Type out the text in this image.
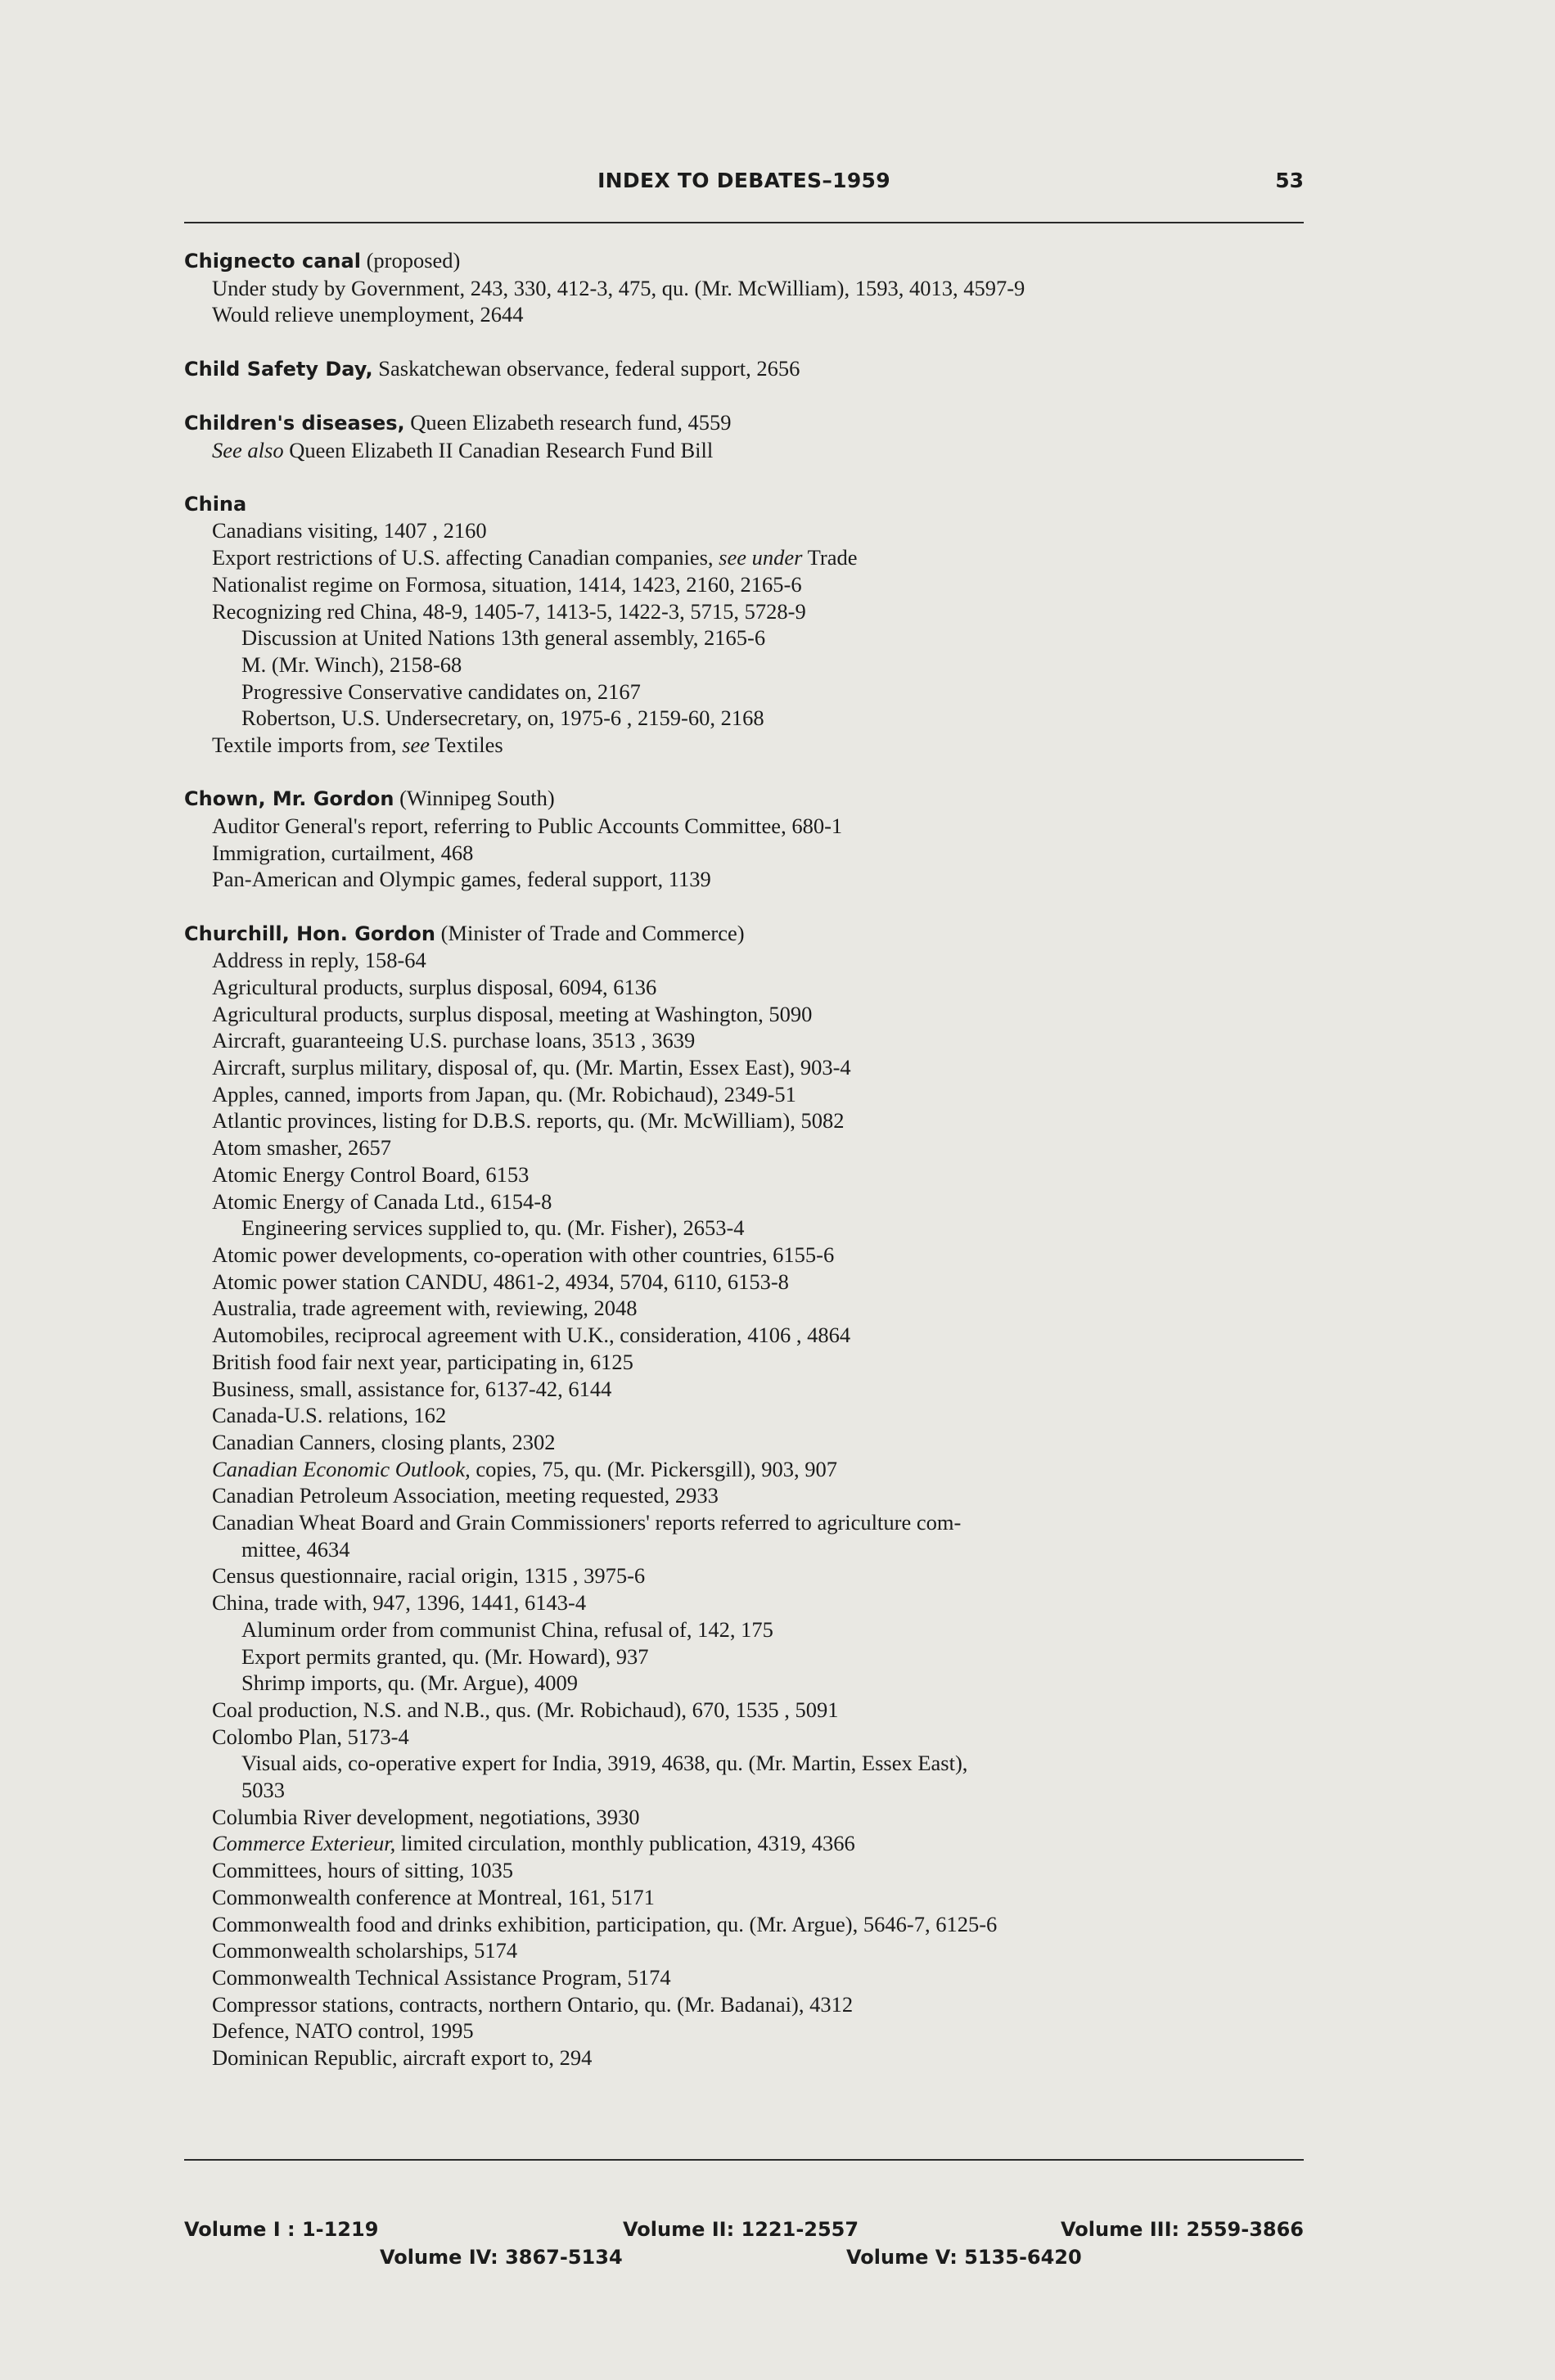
INDEX TO DEBATES–1959	53
Chignecto canal (proposed)
Under study by Government, 243, 330, 412-3, 475, qu. (Mr. McWilliam), 1593, 4013, 4597-9
Would relieve unemployment, 2644
Child Safety Day, Saskatchewan observance, federal support, 2656
Children's diseases, Queen Elizabeth research fund, 4559
See also Queen Elizabeth II Canadian Research Fund Bill
China
Canadians visiting, 1407 , 2160
Export restrictions of U.S. affecting Canadian companies, see under Trade
Nationalist regime on Formosa, situation, 1414, 1423, 2160, 2165-6
Recognizing red China, 48-9, 1405-7, 1413-5, 1422-3, 5715, 5728-9
Discussion at United Nations 13th general assembly, 2165-6
M. (Mr. Winch), 2158-68
Progressive Conservative candidates on, 2167
Robertson, U.S. Undersecretary, on, 1975-6 , 2159-60, 2168
Textile imports from, see Textiles
Chown, Mr. Gordon (Winnipeg South)
Auditor General's report, referring to Public Accounts Committee, 680-1
Immigration, curtailment, 468
Pan-American and Olympic games, federal support, 1139
Churchill, Hon. Gordon (Minister of Trade and Commerce)
Address in reply, 158-64
Agricultural products, surplus disposal, 6094, 6136
Agricultural products, surplus disposal, meeting at Washington, 5090
Aircraft, guaranteeing U.S. purchase loans, 3513 , 3639
Aircraft, surplus military, disposal of, qu. (Mr. Martin, Essex East), 903-4
Apples, canned, imports from Japan, qu. (Mr. Robichaud), 2349-51
Atlantic provinces, listing for D.B.S. reports, qu. (Mr. McWilliam), 5082
Atom smasher, 2657
Atomic Energy Control Board, 6153
Atomic Energy of Canada Ltd., 6154-8
Engineering services supplied to, qu. (Mr. Fisher), 2653-4
Atomic power developments, co-operation with other countries, 6155-6
Atomic power station CANDU, 4861-2, 4934, 5704, 6110, 6153-8
Australia, trade agreement with, reviewing, 2048
Automobiles, reciprocal agreement with U.K., consideration, 4106 , 4864
British food fair next year, participating in, 6125
Business, small, assistance for, 6137-42, 6144
Canada-U.S. relations, 162
Canadian Canners, closing plants, 2302
Canadian Economic Outlook, copies, 75, qu. (Mr. Pickersgill), 903, 907
Canadian Petroleum Association, meeting requested, 2933
Canadian Wheat Board and Grain Commissioners' reports referred to agriculture com-
mittee, 4634
Census questionnaire, racial origin, 1315 , 3975-6
China, trade with, 947, 1396, 1441, 6143-4
Aluminum order from communist China, refusal of, 142, 175
Export permits granted, qu. (Mr. Howard), 937
Shrimp imports, qu. (Mr. Argue), 4009
Coal production, N.S. and N.B., qus. (Mr. Robichaud), 670, 1535 , 5091
Colombo Plan, 5173-4
Visual aids, co-operative expert for India, 3919, 4638, qu. (Mr. Martin, Essex East),
5033
Columbia River development, negotiations, 3930
Commerce Exterieur, limited circulation, monthly publication, 4319, 4366
Committees, hours of sitting, 1035
Commonwealth conference at Montreal, 161, 5171
Commonwealth food and drinks exhibition, participation, qu. (Mr. Argue), 5646-7, 6125-6
Commonwealth scholarships, 5174
Commonwealth Technical Assistance Program, 5174
Compressor stations, contracts, northern Ontario, qu. (Mr. Badanai), 4312
Defence, NATO control, 1995
Dominican Republic, aircraft export to, 294
Volume I : 1-1219	Volume II: 1221-2557	Volume III: 2559-3866
Volume IV: 3867-5134	Volume V: 5135-6420
